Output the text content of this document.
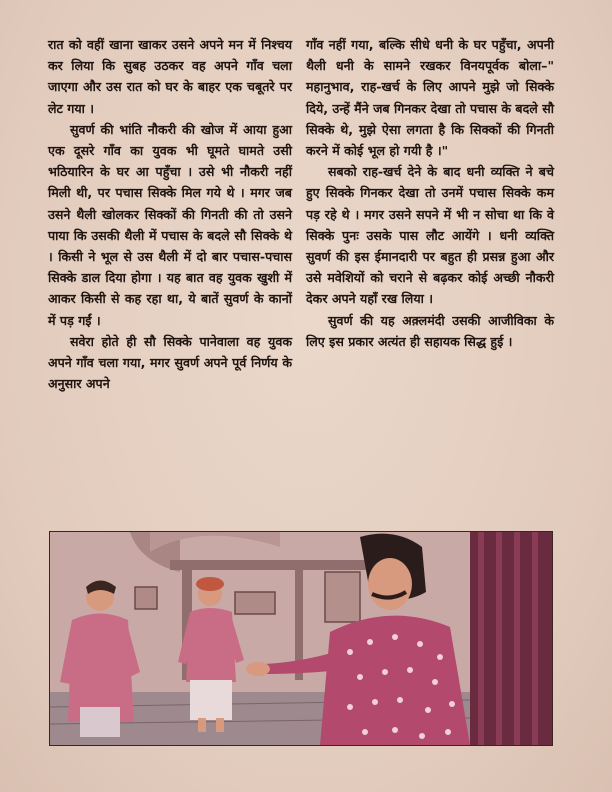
रात को वहीं खाना खाकर उसने अपने मन में निश्चय कर लिया कि सुबह उठकर वह अपने गाँव चला जाएगा और उस रात को घर के बाहर एक चबूतरे पर लेट गया ।

सुवर्ण की भांति नौकरी की खोज में आया हुआ एक दूसरे गाँव का युवक भी घूमते घामते उसी भठियारिन के घर आ पहुँचा । उसे भी नौकरी नहीं मिली थी, पर पचास सिक्के मिल गये थे । मगर जब उसने थैली खोलकर सिक्कों की गिनती की तो उसने पाया कि उसकी थैली में पचास के बदले सौ सिक्के थे । किसी ने भूल से उस थैली में दो बार पचास-पचास सिक्के डाल दिया होगा । यह बात वह युवक खुशी में आकर किसी से कह रहा था, ये बातें सुवर्ण के कानों में पड़ गईं ।

सवेरा होते ही सौ सिक्के पानेवाला वह युवक अपने गाँव चला गया, मगर सुवर्ण अपने पूर्व निर्णय के अनुसार अपने

गाँव नहीं गया, बल्कि सीधे धनी के घर पहुँचा, अपनी थैली धनी के सामने रखकर विनयपूर्वक बोला–" महानुभाव, राह-खर्च के लिए आपने मुझे जो सिक्के दिये, उन्हें मैंने जब गिनकर देखा तो पचास के बदले सौ सिक्के थे, मुझे ऐसा लगता है कि सिक्कों की गिनती करने में कोई भूल हो गयी है ।"

सबको राह-खर्च देने के बाद धनी व्यक्ति ने बचे हुए सिक्के गिनकर देखा तो उनमें पचास सिक्के कम पड़ रहे थे । मगर उसने सपने में भी न सोचा था कि वे सिक्के पुनः उसके पास लौट आयेंगे । धनी व्यक्ति सुवर्ण की इस ईमानदारी पर बहुत ही प्रसन्न हुआ और उसे मवेशियों को चराने से बढ़कर कोई अच्छी नौकरी देकर अपने यहाँ रख लिया ।

सुवर्ण की यह अक़्लमंदी उसकी आजीविका के लिए इस प्रकार अत्यंत ही सहायक सिद्ध हुई ।
